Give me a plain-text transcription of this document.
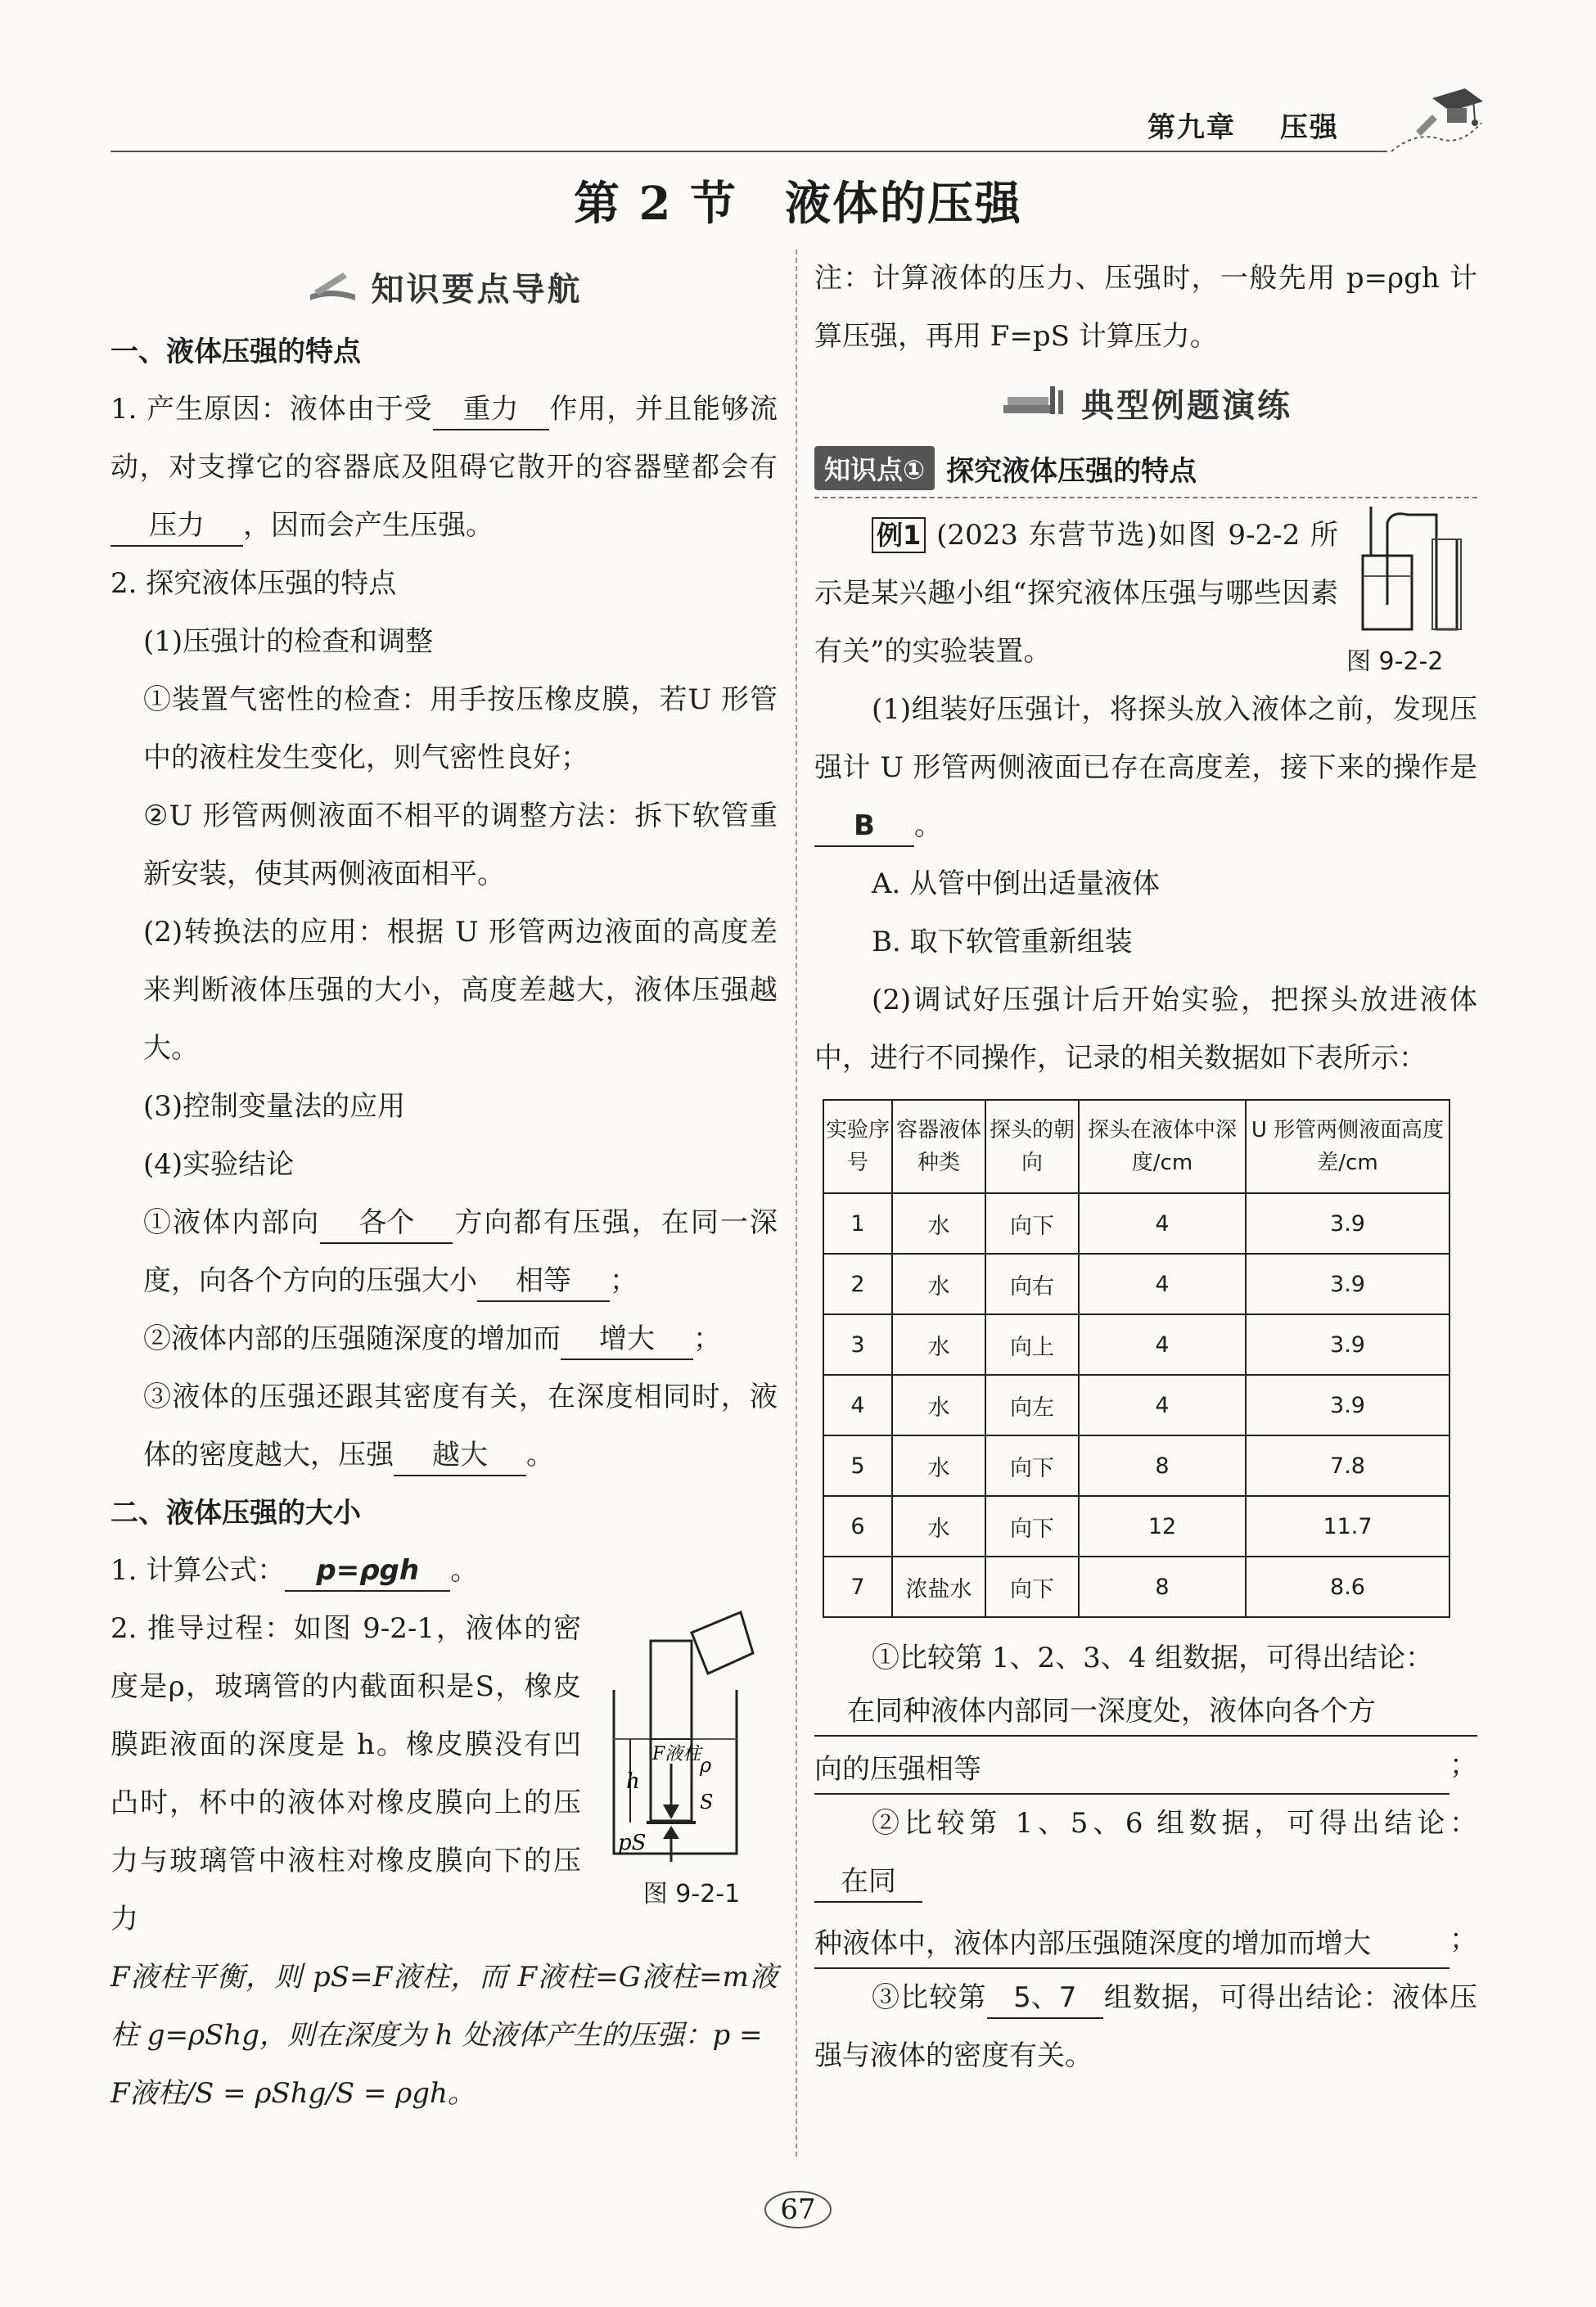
第九章 压强
第 2 节　液体的压强
知识要点导航
一、液体压强的特点
1. 产生原因：液体由于受 重力 作用，并且能够流动，对支撑它的容器底及阻碍它散开的容器壁都会有压力 ，因而会产生压强。
2. 探究液体压强的特点
(1)压强计的检查和调整
①装置气密性的检查：用手按压橡皮膜，若U 形管中的液柱发生变化，则气密性良好；
②U 形管两侧液面不相平的调整方法：拆下软管重新安装，使其两侧液面相平。
(2)转换法的应用：根据 U 形管两边液面的高度差来判断液体压强的大小，高度差越大，液体压强越大。
(3)控制变量法的应用
(4)实验结论
①液体内部向 各个 方向都有压强，在同一深度，向各个方向的压强大小 相等 ；
②液体内部的压强随深度的增加而 增大 ；
③液体的压强还跟其密度有关，在深度相同时，液体的密度越大，压强 越大 。
二、液体压强的大小
1. 计算公式： p=ρgh 。
2. 推导过程：如图 9-2-1，液体的密度是ρ，玻璃管的内截面积是S，橡皮膜距液面的深度是 h。橡皮膜没有凹凸时，杯中的液体对橡皮膜向上的压力与玻璃管中液柱对橡皮膜向下的压力
h
F液柱
ρ
S
pS
图 9-2-1
F液柱平衡，则 pS=F液柱，而 F液柱=G液柱=m液柱 g=ρShg，则在深度为 h 处液体产生的压强：p =
F液柱/S = ρShg/S = ρgh。
注：计算液体的压力、压强时，一般先用 p=ρgh 计算压强，再用 F=pS 计算压力。
典型例题演练
知识点① 探究液体压强的特点
例1 (2023 东营节选)如图 9-2-2 所示是某兴趣小组“探究液体压强与哪些因素有关”的实验装置。	图 9-2-2
(1)组装好压强计，将探头放入液体之前，发现压强计 U 形管两侧液面已存在高度差，接下来的操作是B 。
A. 从管中倒出适量液体
B. 取下软管重新组装
(2)调试好压强计后开始实验，把探头放进液体中，进行不同操作，记录的相关数据如下表所示：
实验序号	容器液体种类	探头的朝向	探头在液体中深度/cm	U 形管两侧液面高度差/cm
1	水	向下	4	3.9
2	水	向右	4	3.9
3	水	向上	4	3.9
4	水	向左	4	3.9
5	水	向下	8	7.8
6	水	向下	12	11.7
7	浓盐水	向下	8	8.6
①比较第 1、2、3、4 组数据，可得出结论：
在同种液体内部同一深度处，液体向各个方
向的压强相等	；
②比较第 1、5、6 组数据，可得出结论：在同
种液体中，液体内部压强随深度的增加而增大	；
③比较第 5、7 组数据，可得出结论：液体压强与液体的密度有关。
67
